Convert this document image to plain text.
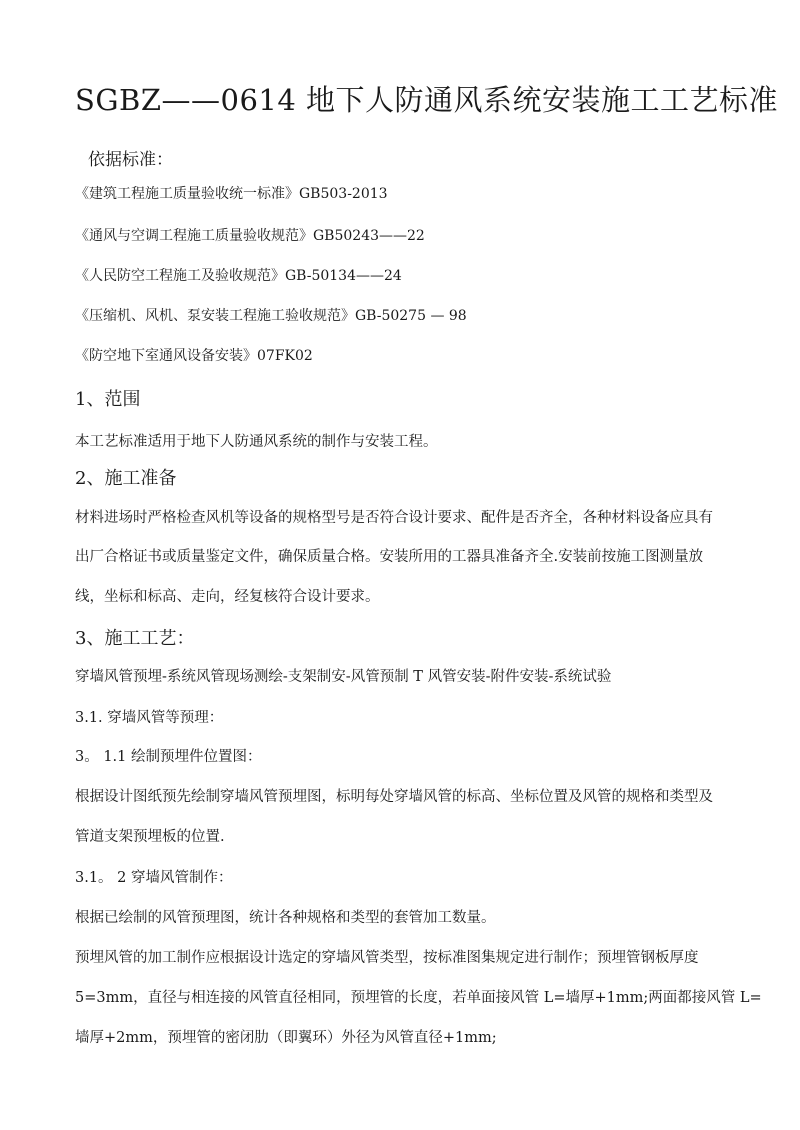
SGBZ——0614 地下人防通风系统安装施工工艺标准
依据标准：
《建筑工程施工质量验收统一标准》GB503-2013
《通风与空调工程施工质量验收规范》GB50243——22
《人民防空工程施工及验收规范》GB-50134——24
《压缩机、风机、泵安装工程施工验收规范》GB-50275 — 98
《防空地下室通风设备安装》07FK02
1、范围
本工艺标准适用于地下人防通风系统的制作与安装工程。
2、施工准备
材料进场时严格检查风机等设备的规格型号是否符合设计要求、配件是否齐全，各种材料设备应具有
出厂合格证书或质量鉴定文件，确保质量合格。安装所用的工器具准备齐全.安装前按施工图测量放
线，坐标和标高、走向，经复核符合设计要求。
3、施工工艺：
穿墙风管预埋-系统风管现场测绘-支架制安-风管预制 T 风管安装-附件安装-系统试验
3.1. 穿墙风管等预理：
3。 1.1 绘制预埋件位置图：
根据设计图纸预先绘制穿墙风管预埋图，标明每处穿墙风管的标高、坐标位置及风管的规格和类型及
管道支架预埋板的位置.
3.1。 2 穿墙风管制作：
根据已绘制的风管预理图，统计各种规格和类型的套管加工数量。
预埋风管的加工制作应根据设计选定的穿墙风管类型，按标准图集规定进行制作；预埋管钢板厚度
5=3mm，直径与相连接的风管直径相同，预埋管的长度，若单面接风管 L=墙厚+1mm;两面都接风管 L=
墙厚+2mm，预埋管的密闭肋（即翼环）外径为风管直径+1mm;
